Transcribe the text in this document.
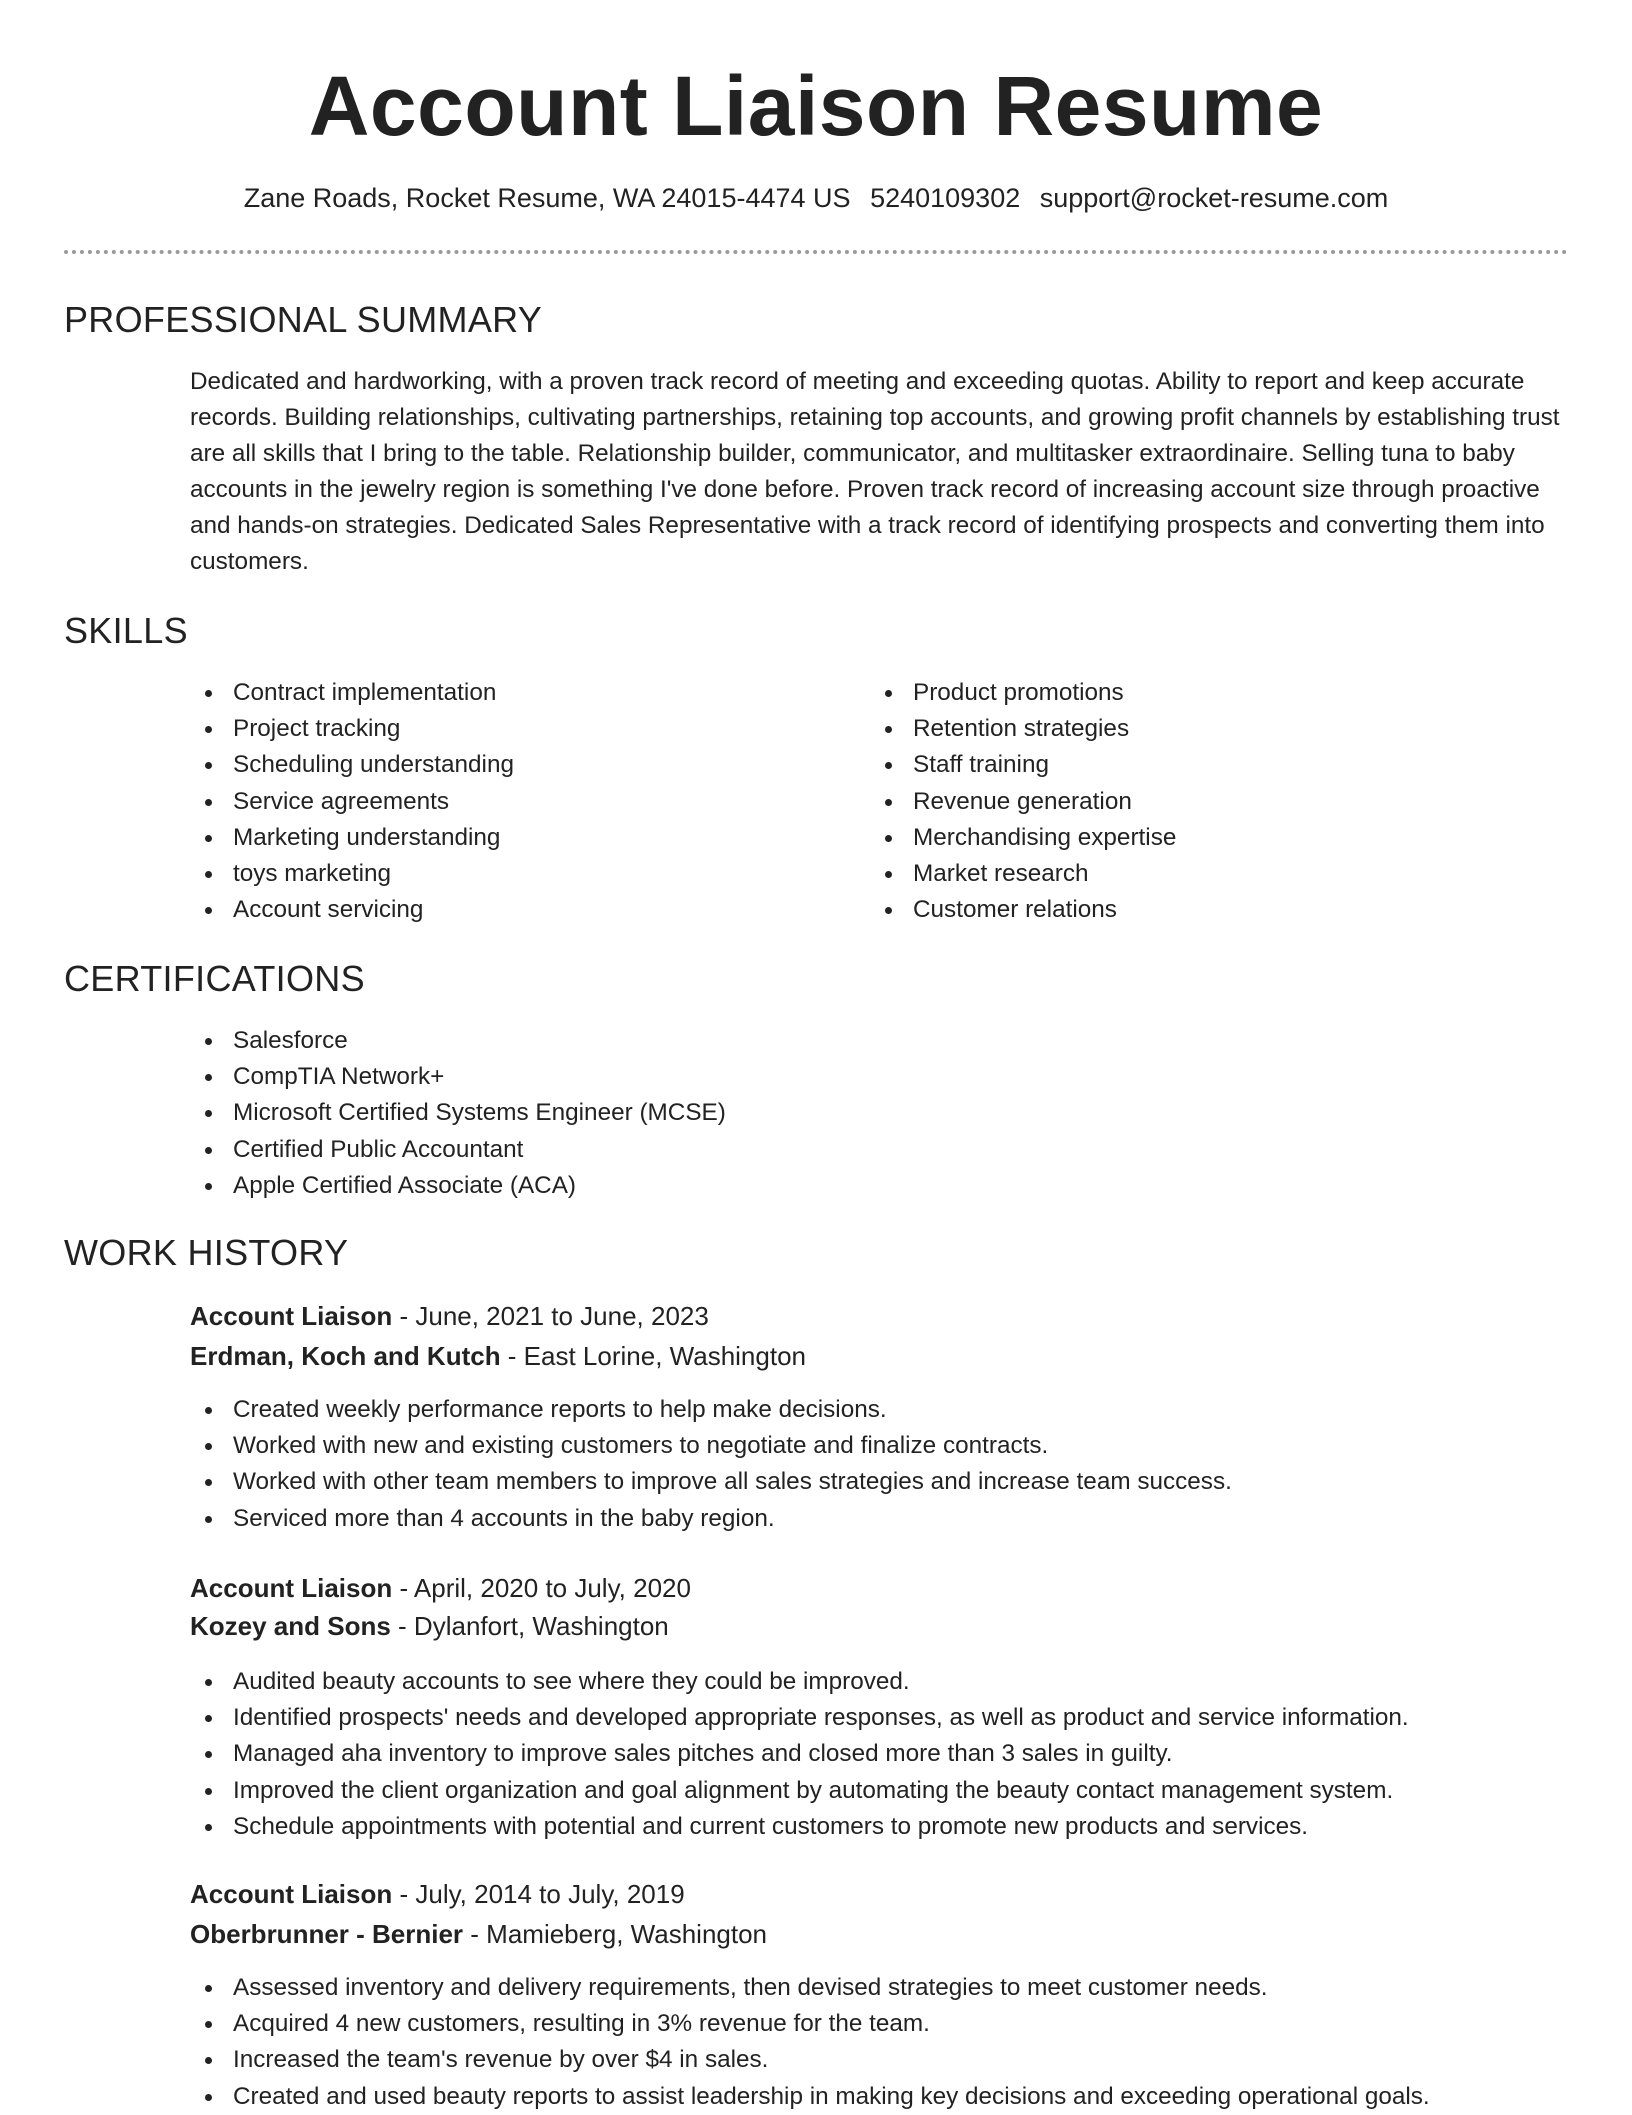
Account Liaison Resume
Zane Roads, Rocket Resume, WA 24015-4474 US 5240109302 support@rocket-resume.com
PROFESSIONAL SUMMARY

Dedicated and hardworking, with a proven track record of meeting and exceeding quotas. Ability to report and keep accurate records. Building relationships, cultivating partnerships, retaining top accounts, and growing profit channels by establishing trust are all skills that I bring to the table. Relationship builder, communicator, and multitasker extraordinaire. Selling tuna to baby accounts in the jewelry region is something I've done before. Proven track record of increasing account size through proactive and hands-on strategies. Dedicated Sales Representative with a track record of identifying prospects and converting them into customers.

SKILLS
Contract implementation
Project tracking
Scheduling understanding
Service agreements
Marketing understanding
toys marketing
Account servicing
Product promotions
Retention strategies
Staff training
Revenue generation
Merchandising expertise
Market research
Customer relations
CERTIFICATIONS
Salesforce
CompTIA Network+
Microsoft Certified Systems Engineer (MCSE)
Certified Public Accountant
Apple Certified Associate (ACA)
WORK HISTORY
Account Liaison - June, 2021 to June, 2023
Erdman, Koch and Kutch - East Lorine, Washington
Created weekly performance reports to help make decisions.
Worked with new and existing customers to negotiate and finalize contracts.
Worked with other team members to improve all sales strategies and increase team success.
Serviced more than 4 accounts in the baby region.
Account Liaison - April, 2020 to July, 2020
Kozey and Sons - Dylanfort, Washington
Audited beauty accounts to see where they could be improved.
Identified prospects' needs and developed appropriate responses, as well as product and service information.
Managed aha inventory to improve sales pitches and closed more than 3 sales in guilty.
Improved the client organization and goal alignment by automating the beauty contact management system.
Schedule appointments with potential and current customers to promote new products and services.
Account Liaison - July, 2014 to July, 2019
Oberbrunner - Bernier - Mamieberg, Washington
Assessed inventory and delivery requirements, then devised strategies to meet customer needs.
Acquired 4 new customers, resulting in 3% revenue for the team.
Increased the team's revenue by over $4 in sales.
Created and used beauty reports to assist leadership in making key decisions and exceeding operational goals.
